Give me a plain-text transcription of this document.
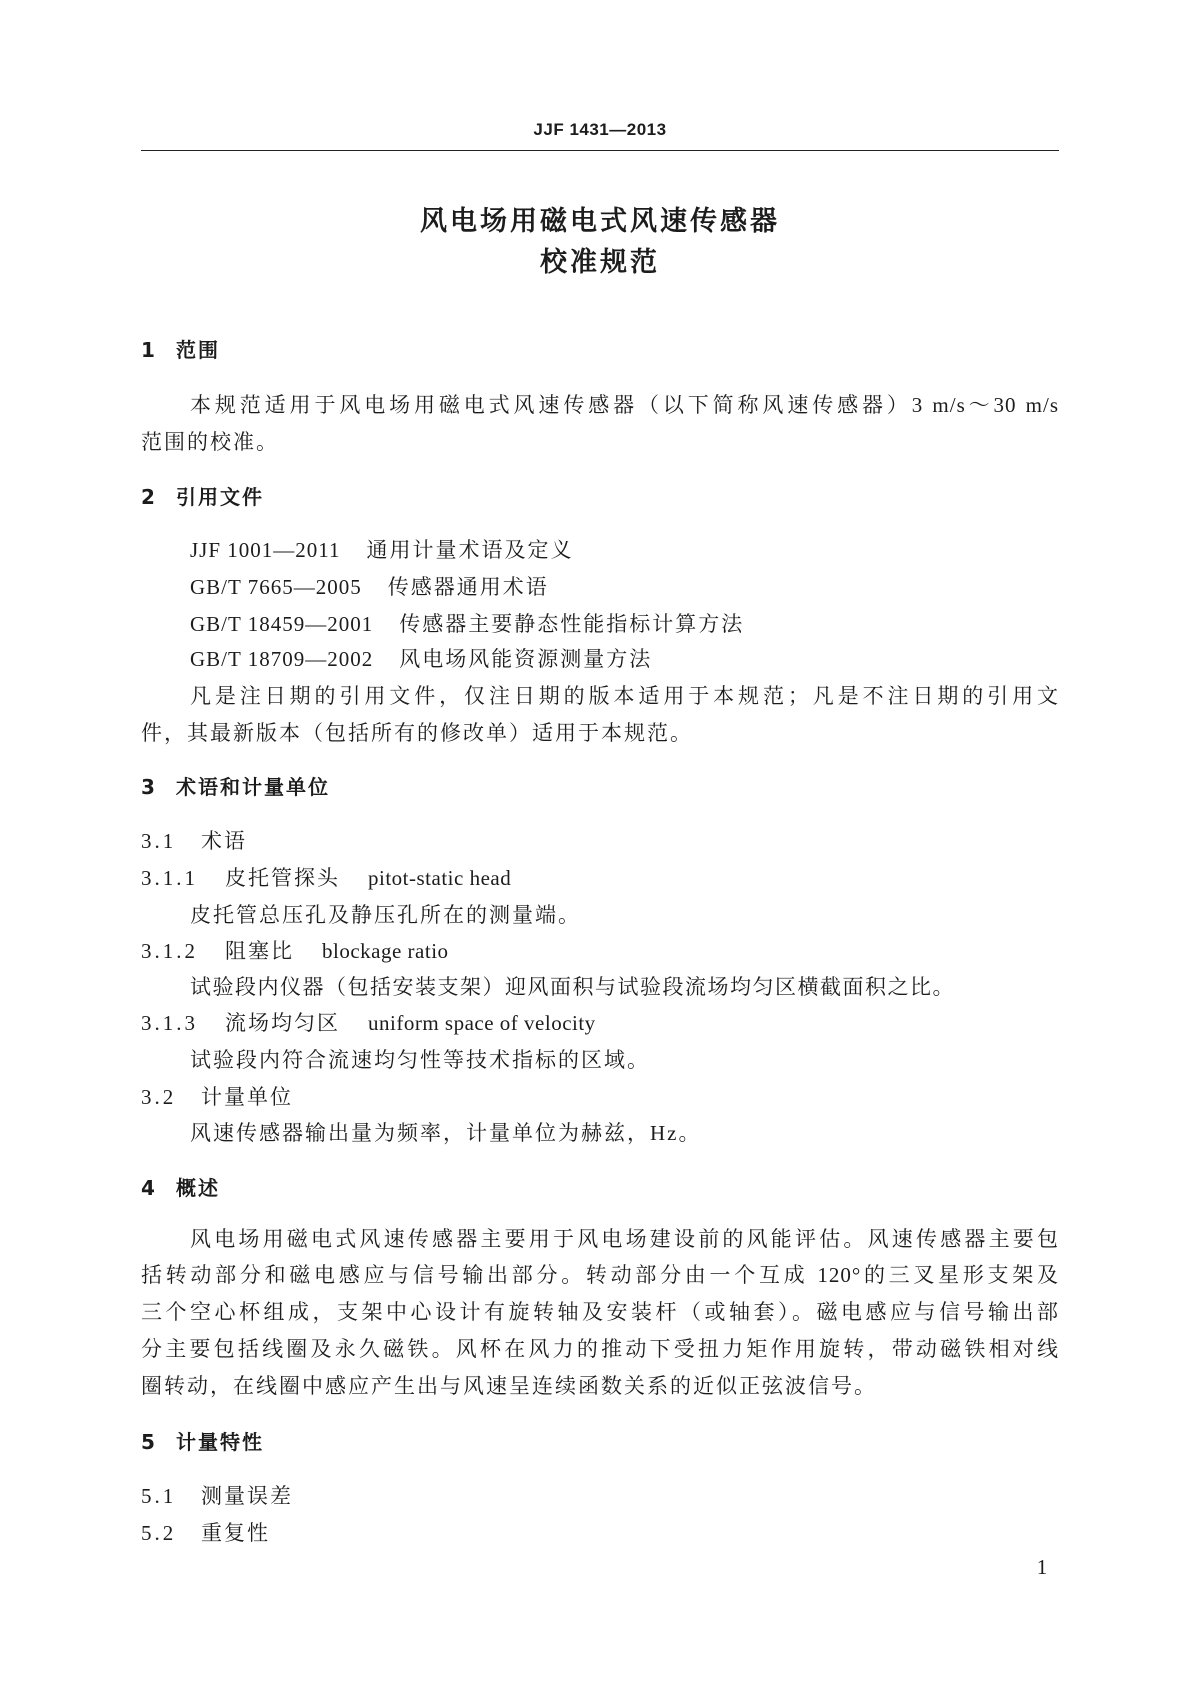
JJF 1431—2013
风电场用磁电式风速传感器
校准规范
1 范围
本规范适用于风电场用磁电式风速传感器（以下简称风速传感器）3 m/s～30 m/s
范围的校准。
2 引用文件
JJF 1001—2011 通用计量术语及定义
GB/T 7665—2005 传感器通用术语
GB/T 18459—2001 传感器主要静态性能指标计算方法
GB/T 18709—2002 风电场风能资源测量方法
凡是注日期的引用文件，仅注日期的版本适用于本规范；凡是不注日期的引用文
件，其最新版本（包括所有的修改单）适用于本规范。
3 术语和计量单位
3.1 术语
3.1.1 皮托管探头 pitot-static head
皮托管总压孔及静压孔所在的测量端。
3.1.2 阻塞比 blockage ratio
试验段内仪器（包括安装支架）迎风面积与试验段流场均匀区横截面积之比。
3.1.3 流场均匀区 uniform space of velocity
试验段内符合流速均匀性等技术指标的区域。
3.2 计量单位
风速传感器输出量为频率，计量单位为赫兹，Hz。
4 概述
风电场用磁电式风速传感器主要用于风电场建设前的风能评估。风速传感器主要包
括转动部分和磁电感应与信号输出部分。转动部分由一个互成 120°的三叉星形支架及
三个空心杯组成，支架中心设计有旋转轴及安装杆（或轴套）。磁电感应与信号输出部
分主要包括线圈及永久磁铁。风杯在风力的推动下受扭力矩作用旋转，带动磁铁相对线
圈转动，在线圈中感应产生出与风速呈连续函数关系的近似正弦波信号。
5 计量特性
5.1 测量误差
5.2 重复性
1
